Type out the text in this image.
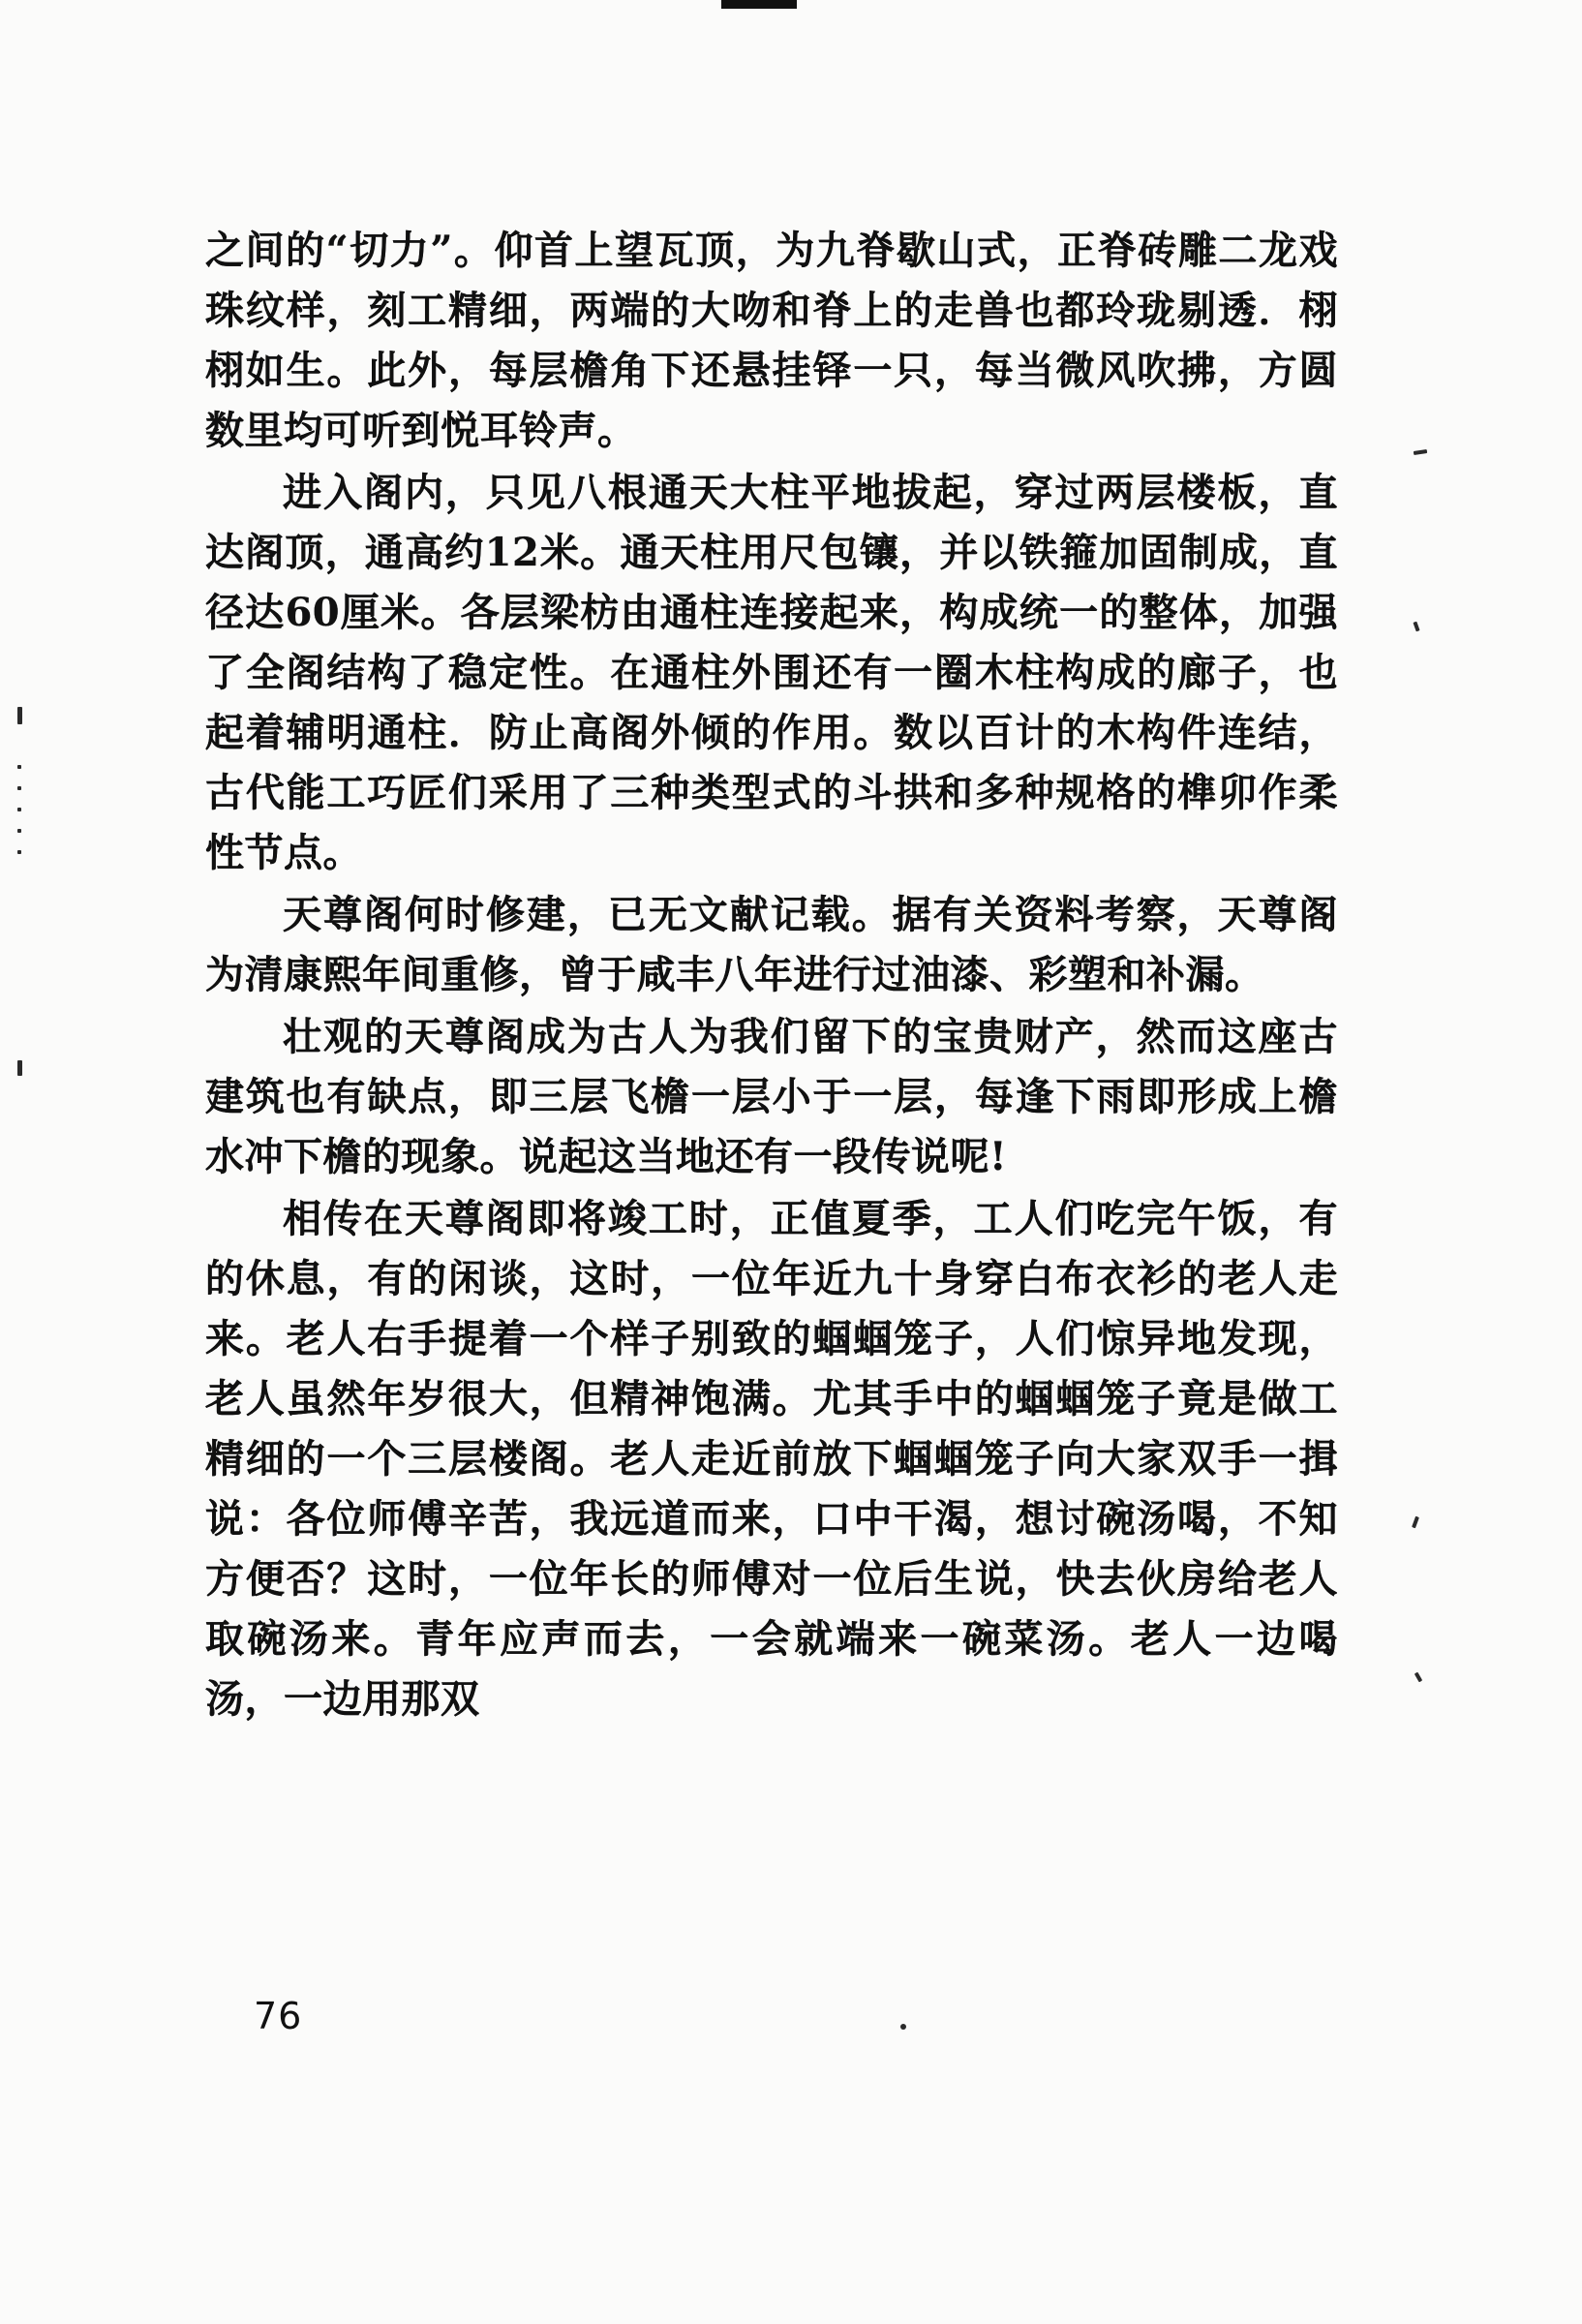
之间的“切力”。仰首上望瓦顶，为九脊歇山式，正脊砖雕二龙戏珠纹样，刻工精细，两端的大吻和脊上的走兽也都玲珑剔透．栩栩如生。此外，每层檐角下还悬挂铎一只，每当微风吹拂，方圆数里均可听到悦耳铃声。

进入阁内，只见八根通天大柱平地拔起，穿过两层楼板，直达阁顶，通高约12米。通天柱用尺包镶，并以铁箍加固制成，直径达60厘米。各层梁枋由通柱连接起来，构成统一的整体，加强了全阁结构了稳定性。在通柱外围还有一圈木柱构成的廊子，也起着辅明通柱．防止高阁外倾的作用。数以百计的木构件连结，古代能工巧匠们采用了三种类型式的斗拱和多种规格的榫卯作柔性节点。

天尊阁何时修建，已无文献记载。据有关资料考察，天尊阁为清康熙年间重修，曾于咸丰八年进行过油漆、彩塑和补漏。

壮观的天尊阁成为古人为我们留下的宝贵财产，然而这座古建筑也有缺点，即三层飞檐一层小于一层，每逢下雨即形成上檐水冲下檐的现象。说起这当地还有一段传说呢!

相传在天尊阁即将竣工时，正值夏季，工人们吃完午饭，有的休息，有的闲谈，这时，一位年近九十身穿白布衣衫的老人走来。老人右手提着一个样子别致的蝈蝈笼子，人们惊异地发现，老人虽然年岁很大，但精神饱满。尤其手中的蝈蝈笼子竟是做工精细的一个三层楼阁。老人走近前放下蝈蝈笼子向大家双手一揖说：各位师傅辛苦，我远道而来，口中干渴，想讨碗汤喝，不知方便否？这时，一位年长的师傅对一位后生说，快去伙房给老人取碗汤来。青年应声而去，一会就端来一碗菜汤。老人一边喝汤，一边用那双

76
